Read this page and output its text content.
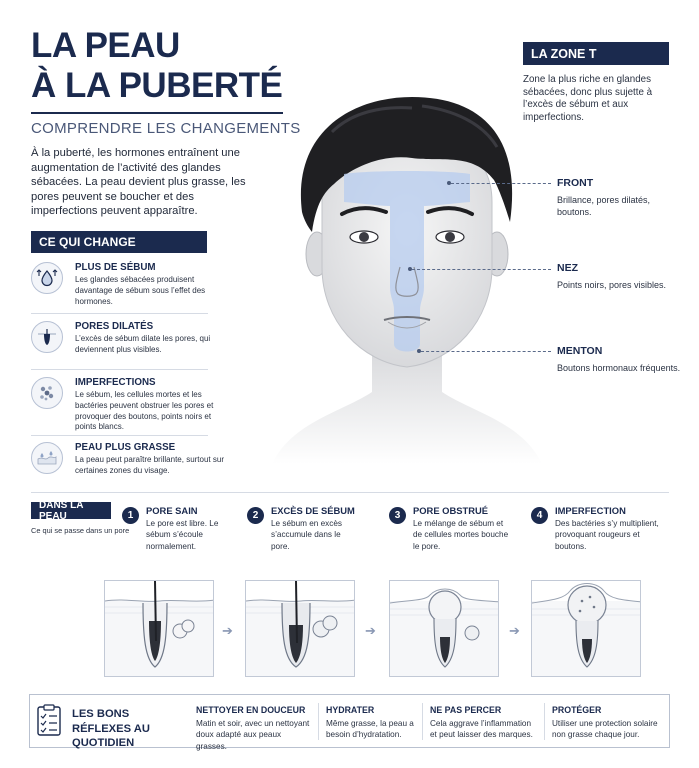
LA PEAU
À LA PUBERTÉ
COMPRENDRE LES CHANGEMENTS
À la puberté, les hormones entraînent une augmentation de l’activité des glandes sébacées. La peau devient plus grasse, les pores peuvent se boucher et des imperfections peuvent apparaître.
CE QUI CHANGE
PLUS DE SÉBUM
Les glandes sébacées produisent davantage de sébum sous l’effet des hormones.
PORES DILATÉS
L’excès de sébum dilate les pores, qui deviennent plus visibles.
IMPERFECTIONS
Le sébum, les cellules mortes et les bactéries peuvent obstruer les pores et provoquer des boutons, points noirs et points blancs.
PEAU PLUS GRASSE
La peau peut paraître brillante, surtout sur certaines zones du visage.
LA ZONE T
Zone la plus riche en glandes sébacées, donc plus sujette à l’excès de sébum et aux imperfections.
FRONT
Brillance, pores dilatés, boutons.
NEZ
Points noirs, pores visibles.
MENTON
Boutons hormonaux fréquents.
DANS LA PEAU
Ce qui se passe dans un pore
1	PORE SAIN
Le pore est libre. Le sébum s’écoule normalement.
2	EXCÈS DE SÉBUM
Le sébum en excès s’accumule dans le pore.
3	PORE OBSTRUÉ
Le mélange de sébum et de cellules mortes bouche le pore.
4	IMPERFECTION
Des bactéries s’y multiplient, provoquant rougeurs et boutons.
➔	➔	➔
LES BONS RÉFLEXES AU QUOTIDIEN
NETTOYER EN DOUCEUR
Matin et soir, avec un nettoyant doux adapté aux peaux grasses.
HYDRATER
Même grasse, la peau a besoin d’hydratation.
NE PAS PERCER
Cela aggrave l’inflammation et peut laisser des marques.
PROTÉGER
Utiliser une protection solaire non grasse chaque jour.
